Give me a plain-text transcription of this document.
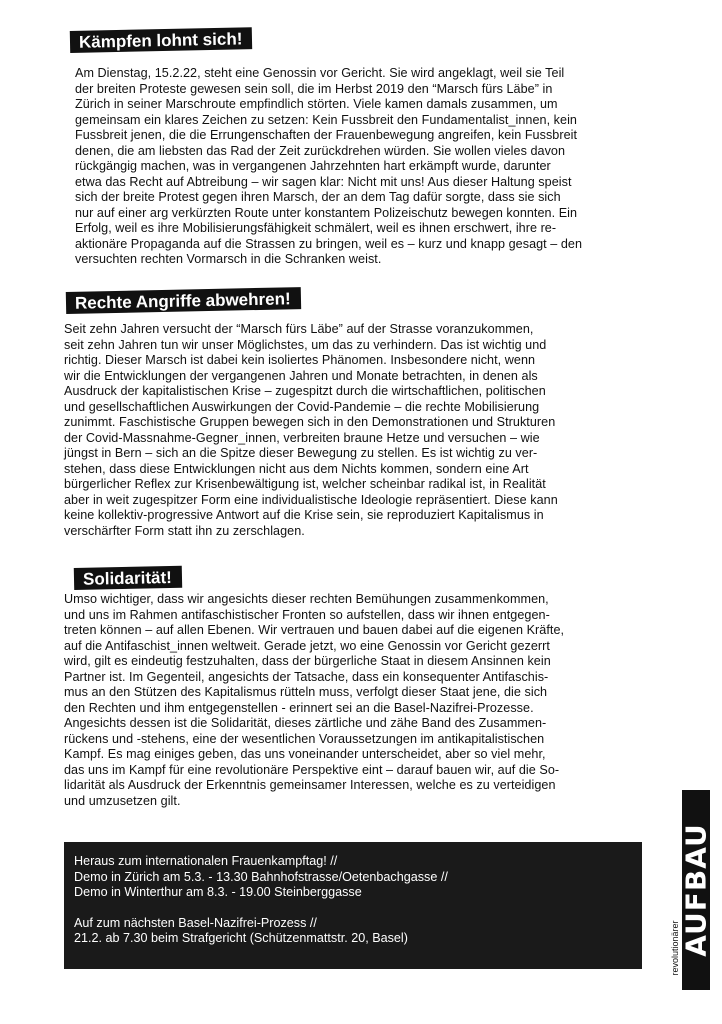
Kämpfen lohnt sich!
Am Dienstag, 15.2.22, steht eine Genossin vor Gericht. Sie wird angeklagt, weil sie Teil
der breiten Proteste gewesen sein soll, die im Herbst 2019 den “Marsch fürs Läbe” in
Zürich in seiner Marschroute empfindlich störten. Viele kamen damals zusammen, um
gemeinsam ein klares Zeichen zu setzen: Kein Fussbreit den Fundamentalist_innen, kein
Fussbreit jenen, die die Errungenschaften der Frauenbewegung angreifen, kein Fussbreit
denen, die am liebsten das Rad der Zeit zurückdrehen würden. Sie wollen vieles davon
rückgängig machen, was in vergangenen Jahrzehnten hart erkämpft wurde, darunter
etwa das Recht auf Abtreibung – wir sagen klar: Nicht mit uns! Aus dieser Haltung speist
sich der breite Protest gegen ihren Marsch, der an dem Tag dafür sorgte, dass sie sich
nur auf einer arg verkürzten Route unter konstantem Polizeischutz bewegen konnten. Ein
Erfolg, weil es ihre Mobilisierungsfähigkeit schmälert, weil es ihnen erschwert, ihre re-
aktionäre Propaganda auf die Strassen zu bringen, weil es – kurz und knapp gesagt – den
versuchten rechten Vormarsch in die Schranken weist.
Rechte Angriffe abwehren!
Seit zehn Jahren versucht der “Marsch fürs Läbe” auf der Strasse voranzukommen,
seit zehn Jahren tun wir unser Möglichstes, um das zu verhindern. Das ist wichtig und
richtig. Dieser Marsch ist dabei kein isoliertes Phänomen. Insbesondere nicht, wenn
wir die Entwicklungen der vergangenen Jahren und Monate betrachten, in denen als
Ausdruck der kapitalistischen Krise – zugespitzt durch die wirtschaftlichen, politischen
und gesellschaftlichen Auswirkungen der Covid-Pandemie – die rechte Mobilisierung
zunimmt. Faschistische Gruppen bewegen sich in den Demonstrationen und Strukturen
der Covid-Massnahme-Gegner_innen, verbreiten braune Hetze und versuchen – wie
jüngst in Bern – sich an die Spitze dieser Bewegung zu stellen. Es ist wichtig zu ver-
stehen, dass diese Entwicklungen nicht aus dem Nichts kommen, sondern eine Art
bürgerlicher Reflex zur Krisenbewältigung ist, welcher scheinbar radikal ist, in Realität
aber in weit zugespitzer Form eine individualistische Ideologie repräsentiert. Diese kann
keine kollektiv-progressive Antwort auf die Krise sein, sie reproduziert Kapitalismus in
verschärfter Form statt ihn zu zerschlagen.
Solidarität!
Umso wichtiger, dass wir angesichts dieser rechten Bemühungen zusammenkommen,
und uns im Rahmen antifaschistischer Fronten so aufstellen, dass wir ihnen entgegen-
treten können – auf allen Ebenen. Wir vertrauen und bauen dabei auf die eigenen Kräfte,
auf die Antifaschist_innen weltweit. Gerade jetzt, wo eine Genossin vor Gericht gezerrt
wird, gilt es eindeutig festzuhalten, dass der bürgerliche Staat in diesem Ansinnen kein
Partner ist. Im Gegenteil, angesichts der Tatsache, dass ein konsequenter Antifaschis-
mus an den Stützen des Kapitalismus rütteln muss, verfolgt dieser Staat jene, die sich
den Rechten und ihm entgegenstellen - erinnert sei an die Basel-Nazifrei-Prozesse.
Angesichts dessen ist die Solidarität, dieses zärtliche und zähe Band des Zusammen-
rückens und -stehens, eine der wesentlichen Voraussetzungen im antikapitalistischen
Kampf. Es mag einiges geben, das uns voneinander unterscheidet, aber so viel mehr,
das uns im Kampf für eine revolutionäre Perspektive eint – darauf bauen wir, auf die So-
lidarität als Ausdruck der Erkenntnis gemeinsamer Interessen, welche es zu verteidigen
und umzusetzen gilt.
Heraus zum internationalen Frauenkampftag! //
Demo in Zürich am 5.3. - 13.30 Bahnhofstrasse/Oetenbachgasse //
Demo in Winterthur am 8.3. - 19.00 Steinberggasse
Auf zum nächsten Basel-Nazifrei-Prozess //
21.2. ab 7.30 beim Strafgericht (Schützenmattstr. 20, Basel)	revolutionärer AUFBAU
